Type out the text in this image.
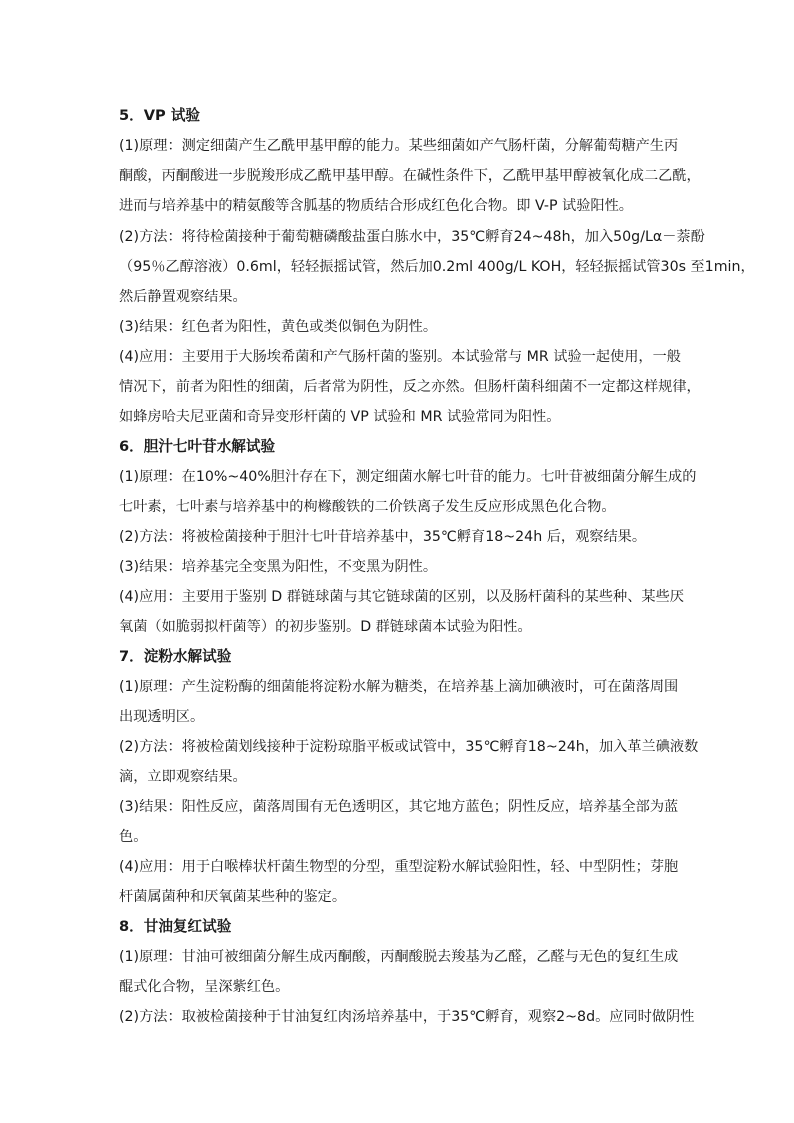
5．VP 试验
(1)原理：测定细菌产生乙酰甲基甲醇的能力。某些细菌如产气肠杆菌，分解葡萄糖产生丙
酮酸，丙酮酸进一步脱羧形成乙酰甲基甲醇。在碱性条件下，乙酰甲基甲醇被氧化成二乙酰，
进而与培养基中的精氨酸等含胍基的物质结合形成红色化合物。即 V-P 试验阳性。
(2)方法：将待检菌接种于葡萄糖磷酸盐蛋白胨水中，35℃孵育24~48h，加入50g/Lα－萘酚
（95％乙醇溶液）0.6ml，轻轻振摇试管，然后加0.2ml 400g/L KOH，轻轻振摇试管30s 至1min，
然后静置观察结果。
(3)结果：红色者为阳性，黄色或类似铜色为阴性。
(4)应用：主要用于大肠埃希菌和产气肠杆菌的鉴别。本试验常与 MR 试验一起使用，一般
情况下，前者为阳性的细菌，后者常为阴性，反之亦然。但肠杆菌科细菌不一定都这样规律，
如蜂房哈夫尼亚菌和奇异变形杆菌的 VP 试验和 MR 试验常同为阳性。
6．胆汁七叶苷水解试验
(1)原理：在10%~40%胆汁存在下，测定细菌水解七叶苷的能力。七叶苷被细菌分解生成的
七叶素，七叶素与培养基中的枸橼酸铁的二价铁离子发生反应形成黑色化合物。
(2)方法：将被检菌接种于胆汁七叶苷培养基中，35℃孵育18~24h 后，观察结果。
(3)结果：培养基完全变黑为阳性，不变黑为阴性。
(4)应用：主要用于鉴别 D 群链球菌与其它链球菌的区别，以及肠杆菌科的某些种、某些厌
氧菌（如脆弱拟杆菌等）的初步鉴别。D 群链球菌本试验为阳性。
7．淀粉水解试验
(1)原理：产生淀粉酶的细菌能将淀粉水解为糖类，在培养基上滴加碘液时，可在菌落周围
出现透明区。
(2)方法：将被检菌划线接种于淀粉琼脂平板或试管中，35℃孵育18~24h，加入革兰碘液数
滴，立即观察结果。
(3)结果：阳性反应，菌落周围有无色透明区，其它地方蓝色；阴性反应，培养基全部为蓝
色。
(4)应用：用于白喉棒状杆菌生物型的分型，重型淀粉水解试验阳性，轻、中型阴性；芽胞
杆菌属菌种和厌氧菌某些种的鉴定。
8．甘油复红试验
(1)原理：甘油可被细菌分解生成丙酮酸，丙酮酸脱去羧基为乙醛，乙醛与无色的复红生成
醌式化合物，呈深紫红色。
(2)方法：取被检菌接种于甘油复红肉汤培养基中，于35℃孵育，观察2~8d。应同时做阴性
